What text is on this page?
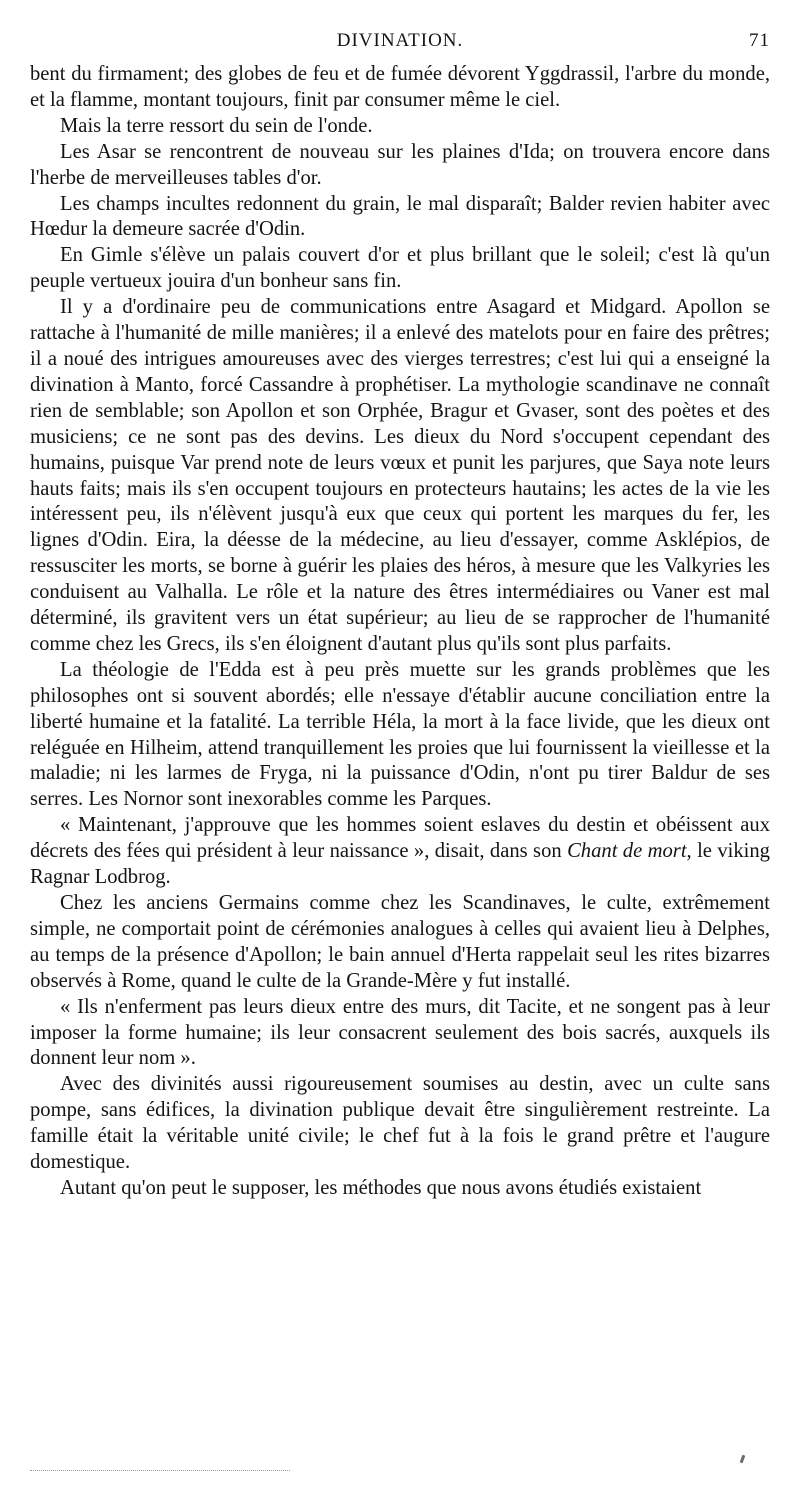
DIVINATION.	71

bent du firmament; des globes de feu et de fumée dévorent Yggdrassil, l'arbre du monde, et la flamme, montant toujours, finit par consumer même le ciel.

Mais la terre ressort du sein de l'onde.

Les Asar se rencontrent de nouveau sur les plaines d'Ida; on trouvera encore dans l'herbe de merveilleuses tables d'or.

Les champs incultes redonnent du grain, le mal disparaît; Balder revien habiter avec Hœdur la demeure sacrée d'Odin.

En Gimle s'élève un palais couvert d'or et plus brillant que le soleil; c'est là qu'un peuple vertueux jouira d'un bonheur sans fin.

Il y a d'ordinaire peu de communications entre Asagard et Midgard. Apollon se rattache à l'humanité de mille manières; il a enlevé des matelots pour en faire des prêtres; il a noué des intrigues amoureuses avec des vierges terrestres; c'est lui qui a enseigné la divination à Manto, forcé Cassandre à prophétiser. La mythologie scandinave ne connaît rien de semblable; son Apollon et son Orphée, Bragur et Gvaser, sont des poètes et des musiciens; ce ne sont pas des devins. Les dieux du Nord s'occupent cependant des humains, puisque Var prend note de leurs vœux et punit les parjures, que Saya note leurs hauts faits; mais ils s'en occupent toujours en protecteurs hautains; les actes de la vie les intéressent peu, ils n'élèvent jusqu'à eux que ceux qui portent les marques du fer, les lignes d'Odin. Eira, la déesse de la médecine, au lieu d'essayer, comme Asklépios, de ressusciter les morts, se borne à guérir les plaies des héros, à mesure que les Valkyries les conduisent au Valhalla. Le rôle et la nature des êtres intermédiaires ou Vaner est mal déterminé, ils gravitent vers un état supérieur; au lieu de se rapprocher de l'humanité comme chez les Grecs, ils s'en éloignent d'autant plus qu'ils sont plus parfaits.

La théologie de l'Edda est à peu près muette sur les grands problèmes que les philosophes ont si souvent abordés; elle n'essaye d'établir aucune conciliation entre la liberté humaine et la fatalité. La terrible Héla, la mort à la face livide, que les dieux ont reléguée en Hilheim, attend tranquillement les proies que lui fournissent la vieillesse et la maladie; ni les larmes de Fryga, ni la puissance d'Odin, n'ont pu tirer Baldur de ses serres. Les Nornor sont inexorables comme les Parques.

« Maintenant, j'approuve que les hommes soient eslaves du destin et obéissent aux décrets des fées qui président à leur naissance », disait, dans son Chant de mort, le viking Ragnar Lodbrog.

Chez les anciens Germains comme chez les Scandinaves, le culte, extrêmement simple, ne comportait point de cérémonies analogues à celles qui avaient lieu à Delphes, au temps de la présence d'Apollon; le bain annuel d'Herta rappelait seul les rites bizarres observés à Rome, quand le culte de la Grande-Mère y fut installé.

« Ils n'enferment pas leurs dieux entre des murs, dit Tacite, et ne songent pas à leur imposer la forme humaine; ils leur consacrent seulement des bois sacrés, auxquels ils donnent leur nom ».

Avec des divinités aussi rigoureusement soumises au destin, avec un culte sans pompe, sans édifices, la divination publique devait être singulièrement restreinte. La famille était la véritable unité civile; le chef fut à la fois le grand prêtre et l'augure domestique.

Autant qu'on peut le supposer, les méthodes que nous avons étudiés existaient
